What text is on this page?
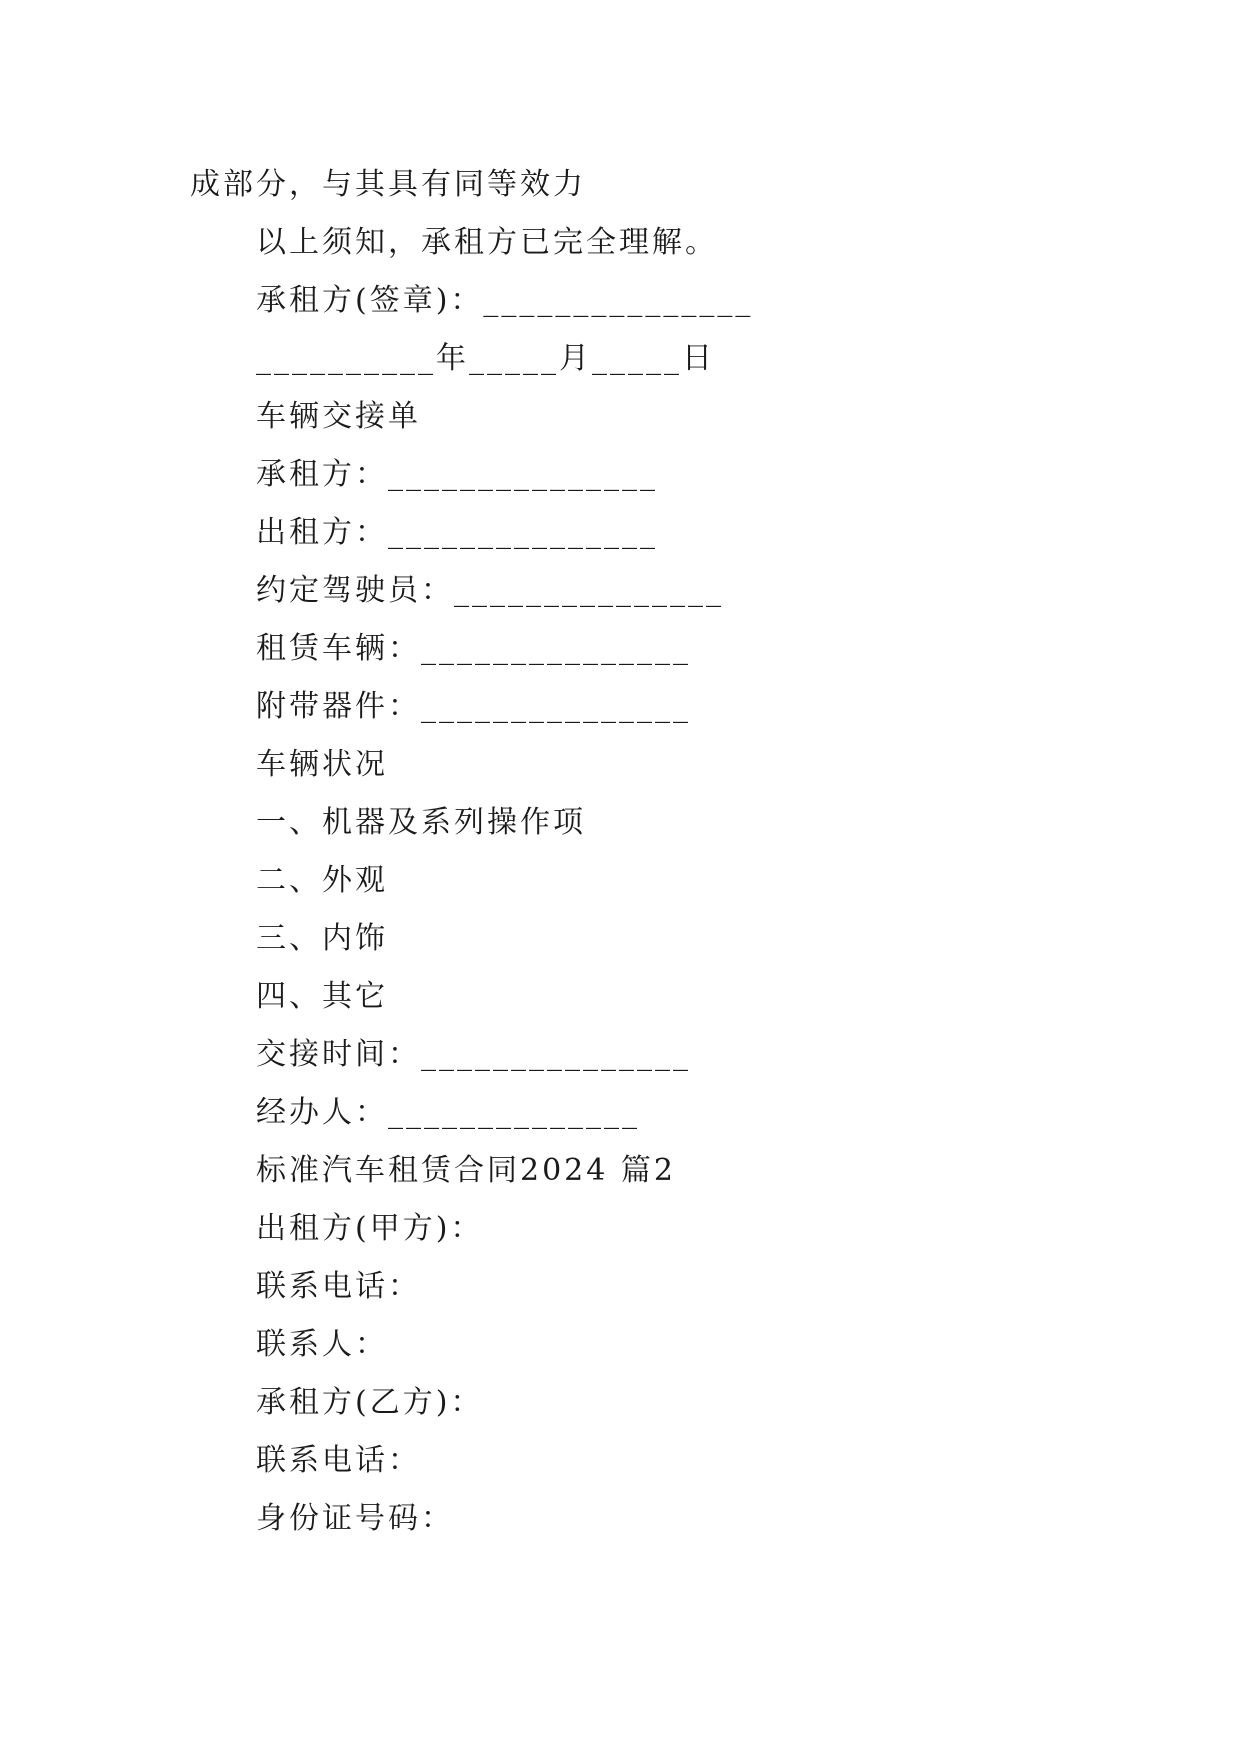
成部分，与其具有同等效力
以上须知，承租方已完全理解。
承租方(签章)：_______________
__________年_____月_____日
车辆交接单
承租方：_______________
出租方：_______________
约定驾驶员：_______________
租赁车辆：_______________
附带器件：_______________
车辆状况
一、机器及系列操作项
二、外观
三、内饰
四、其它
交接时间：_______________
经办人：______________
标准汽车租赁合同2024 篇2
出租方(甲方)：
联系电话：
联系人：
承租方(乙方)：
联系电话：
身份证号码：
